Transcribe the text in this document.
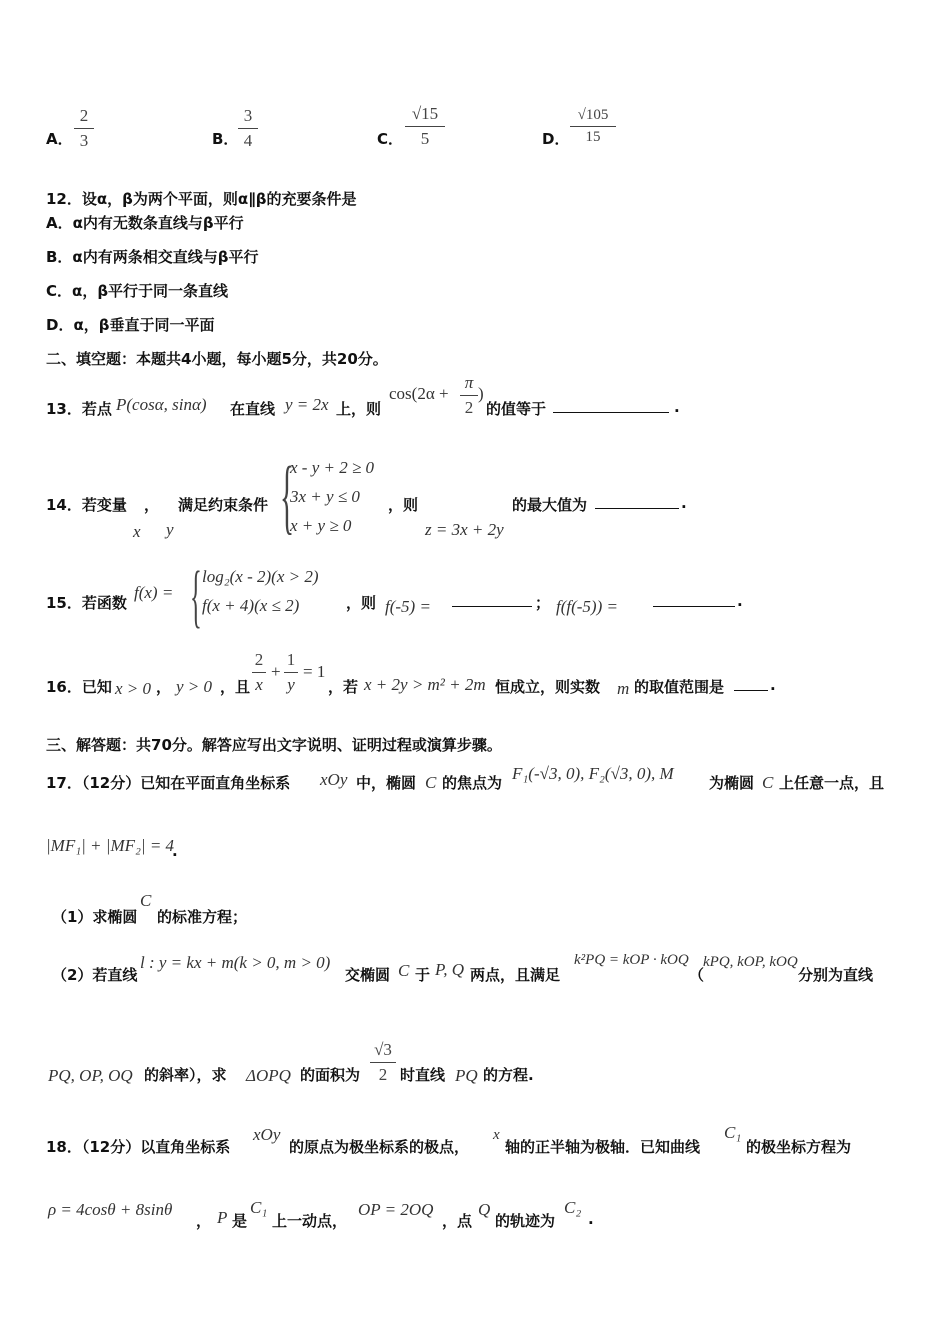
A．
2
3	B．
3
4	C．
√15
5	D．
√105
15
12．设α，β为两个平面，则α∥β的充要条件是
A．α内有无数条直线与β平行
B．α内有两条相交直线与β平行
C．α，β平行于同一条直线
D．α，β垂直于同一平面
二、填空题：本题共4小题，每小题5分，共20分。
13．若点 P(cosα, sinα) 在直线 y = 2x 上，则
cos(2α +
π
2
)
的值等于	.
14．若变量 ，
x y
满足约束条件 {
x - y + 2 ≥ 0
3x + y ≤ 0
x + y ≥ 0
，则
z = 3x + 2y
的最大值为	.
15．若函数
f(x) = { log₂(x - 2)(x > 2)
f(x + 4)(x ≤ 2)	，则 f(-5) =	； f(f(-5)) =	.
16．已知 x > 0 ， y > 0 ，且
2
x
+
1
y
= 1
，若 x + 2y > m² + 2m 恒成立，则实数 m 的取值范围是	.
三、解答题：共70分。解答应写出文字说明、证明过程或演算步骤。
17．（12分）已知在平面直角坐标系 xOy 中，椭圆 C 的焦点为 F₁(-√3, 0), F₂(√3, 0), M 为椭圆 C 上任意一点，且
|MF₁| + |MF₂| = 4
.
（1）求椭圆
C
的标准方程；
（2）若直线
l : y = kx + m(k > 0, m > 0)
交椭圆 C 于 P, Q 两点，且满足
k²PQ = kOP · kOQ
（
kPQ, kOP, kOQ
分别为直线
PQ, OP, OQ 的斜率），求 ΔOPQ 的面积为
√3
2 时直线 PQ 的方程.
18．（12分）以直角坐标系
xOy
的原点为极坐标系的极点，
x
轴的正半轴为极轴．已知曲线
C₁
的极坐标方程为
ρ = 4cosθ + 8sinθ
， P 是
C₁
上一动点，
OP = 2OQ
，点
Q
的轨迹为
C₂
.
